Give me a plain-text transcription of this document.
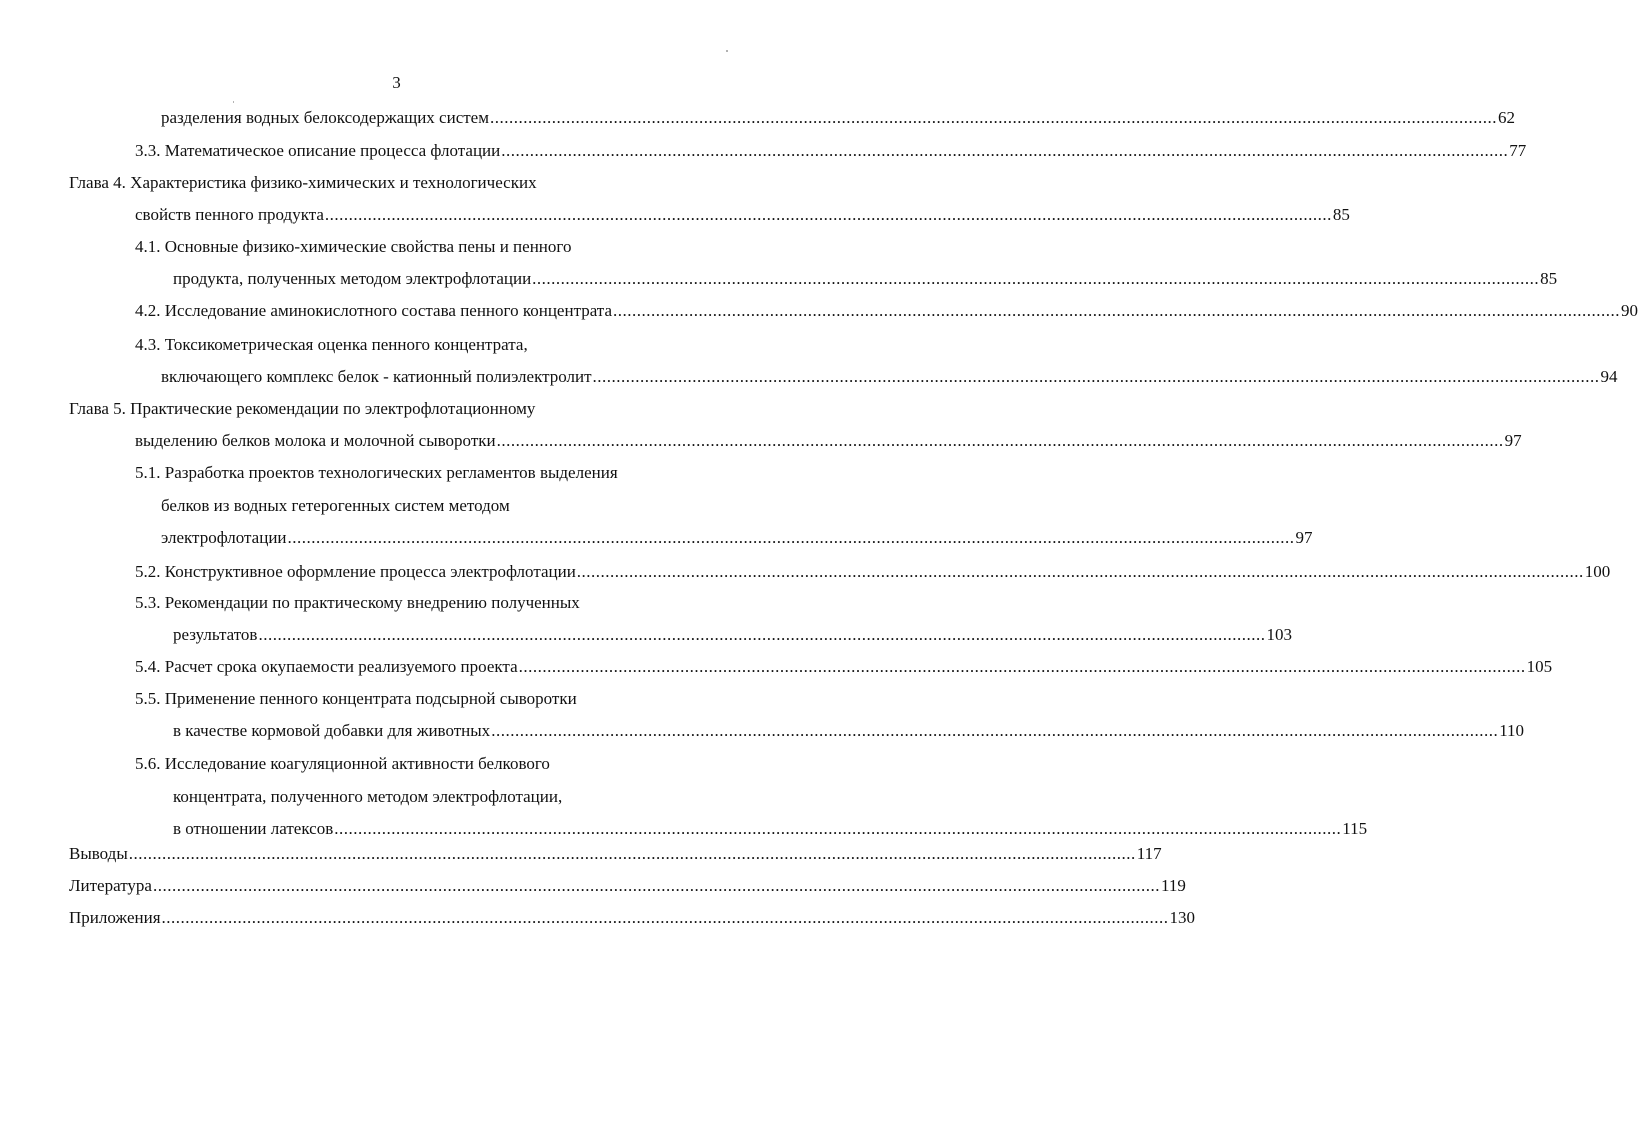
3
разделения водных белоксодержащих систем .................................................................................................................................................................................................................... 62
3.3. Математическое описание процесса флотации .................................................................................................................................................................................................................... 77
Глава 4. Характеристика физико-химических и технологических
свойств пенного продукта .................................................................................................................................................................................................................... 85
4.1. Основные физико-химические свойства пены и пенного
продукта, полученных методом электрофлотации .................................................................................................................................................................................................................... 85
4.2. Исследование аминокислотного состава пенного концентрата .................................................................................................................................................................................................................... 90
4.3. Токсикометрическая оценка пенного концентрата,
включающего комплекс белок - катионный полиэлектролит .................................................................................................................................................................................................................... 94
Глава 5. Практические рекомендации по электрофлотационному
выделению белков молока и молочной сыворотки .................................................................................................................................................................................................................... 97
5.1. Разработка проектов технологических регламентов выделения
белков из водных гетерогенных систем методом
электрофлотации .................................................................................................................................................................................................................... 97
5.2. Конструктивное оформление процесса электрофлотации .................................................................................................................................................................................................................... 100
5.3. Рекомендации по практическому внедрению полученных
результатов .................................................................................................................................................................................................................... 103
5.4. Расчет срока окупаемости реализуемого проекта .................................................................................................................................................................................................................... 105
5.5. Применение пенного концентрата подсырной сыворотки
в качестве кормовой добавки для животных .................................................................................................................................................................................................................... 110
5.6. Исследование коагуляционной активности белкового
концентрата, полученного методом электрофлотации,
в отношении латексов .................................................................................................................................................................................................................... 115
Выводы .................................................................................................................................................................................................................... 117
Литература .................................................................................................................................................................................................................... 119
Приложения .................................................................................................................................................................................................................... 130
